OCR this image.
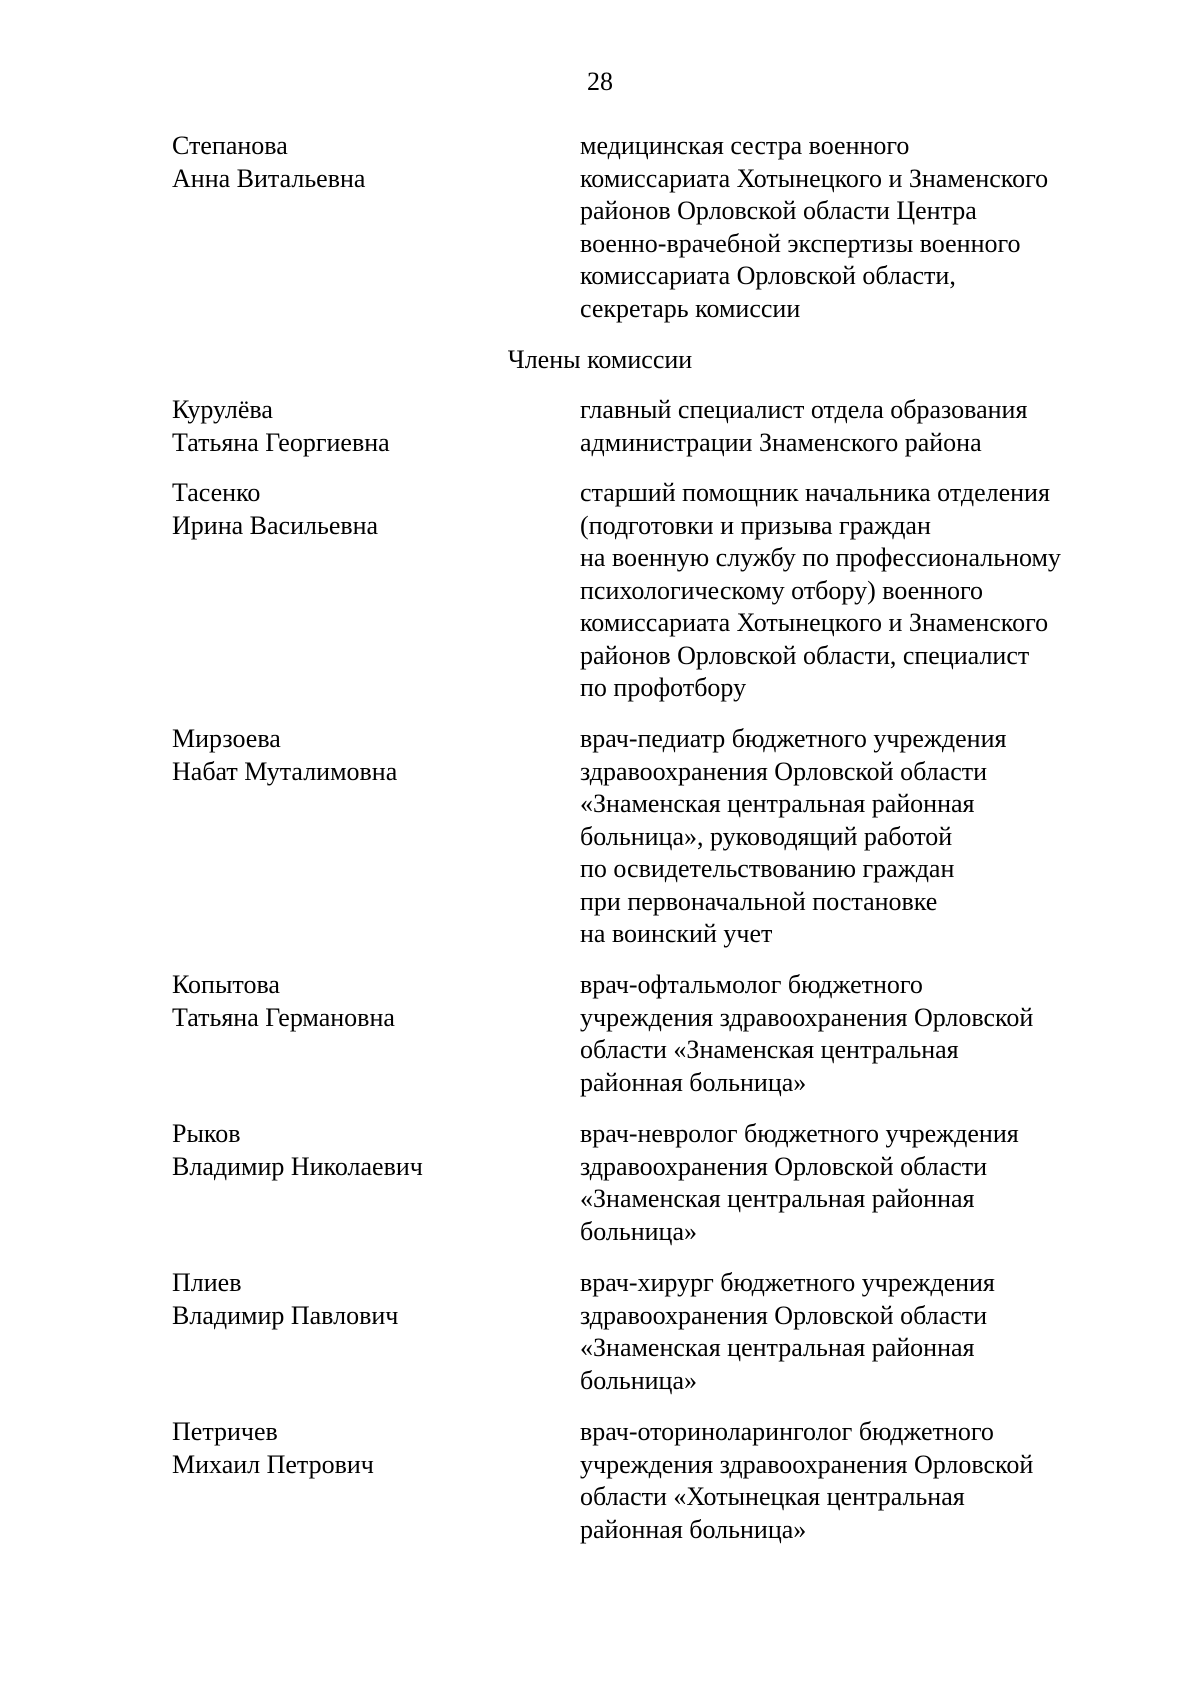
28
Степанова
Анна Витальевна
медицинская сестра военного
комиссариата Хотынецкого и Знаменского
районов Орловской области Центра
военно-врачебной экспертизы военного
комиссариата Орловской области,
секретарь комиссии
Члены комиссии
Курулёва
Татьяна Георгиевна
главный специалист отдела образования
администрации Знаменского района
Тасенко
Ирина Васильевна
старший помощник начальника отделения
(подготовки и призыва граждан
на военную службу по профессиональному
психологическому отбору) военного
комиссариата Хотынецкого и Знаменского
районов Орловской области, специалист
по профотбору
Мирзоева
Набат Муталимовна
врач-педиатр бюджетного учреждения
здравоохранения Орловской области
«Знаменская центральная районная
больница», руководящий работой
по освидетельствованию граждан
при первоначальной постановке
на воинский учет
Копытова
Татьяна Германовна
врач-офтальмолог бюджетного
учреждения здравоохранения Орловской
области «Знаменская центральная
районная больница»
Рыков
Владимир Николаевич
врач-невролог бюджетного учреждения
здравоохранения Орловской области
«Знаменская центральная районная
больница»
Плиев
Владимир Павлович
врач-хирург бюджетного учреждения
здравоохранения Орловской области
«Знаменская центральная районная
больница»
Петричев
Михаил Петрович
врач-оториноларинголог бюджетного
учреждения здравоохранения Орловской
области «Хотынецкая центральная
районная больница»
